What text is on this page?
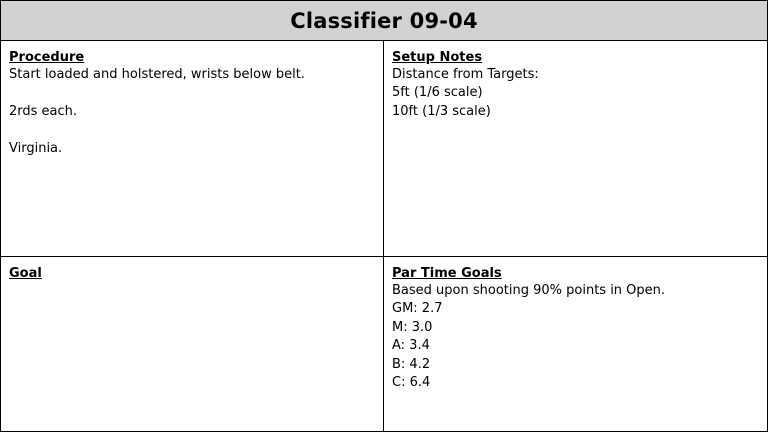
Classifier 09-04
Procedure
Start loaded and holstered, wrists below belt.
2rds each.
Virginia.
Setup Notes
Distance from Targets:
5ft (1/6 scale)
10ft (1/3 scale)
Goal	Par Time Goals
Based upon shooting 90% points in Open.
GM: 2.7
M: 3.0
A: 3.4
B: 4.2
C: 6.4
